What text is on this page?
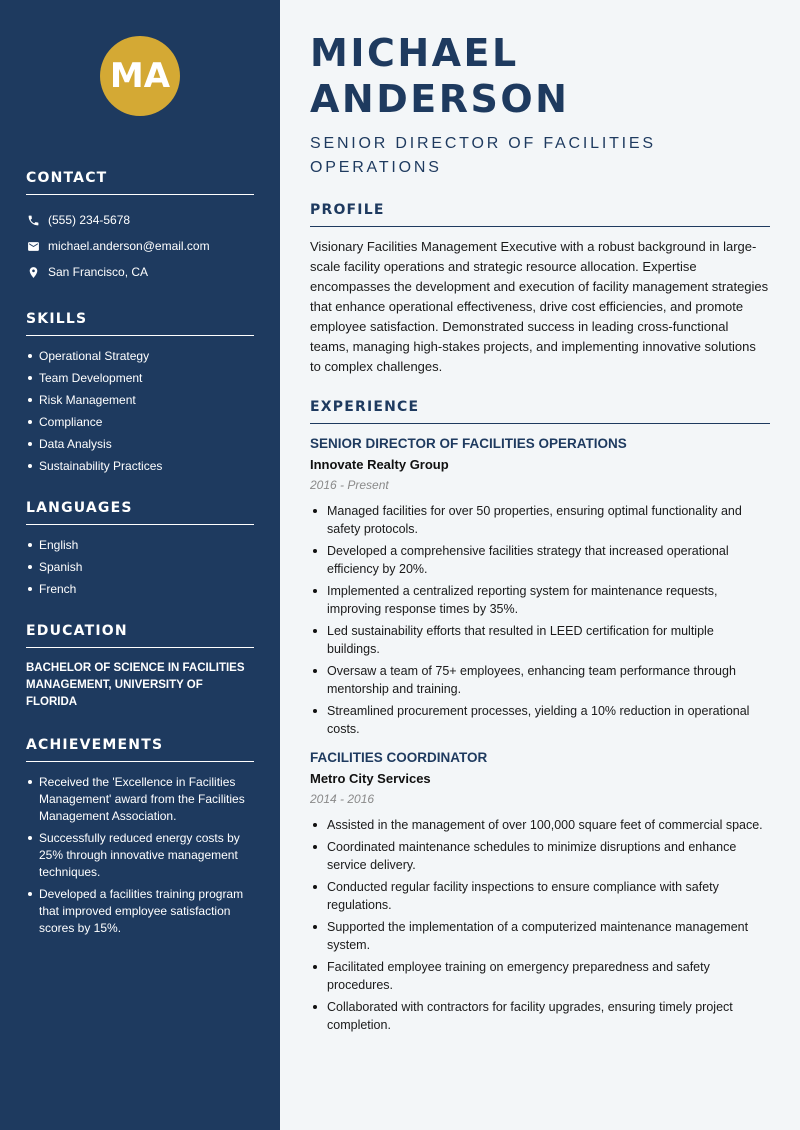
MA
CONTACT
(555) 234-5678
michael.anderson@email.com
San Francisco, CA
SKILLS
Operational Strategy
Team Development
Risk Management
Compliance
Data Analysis
Sustainability Practices
LANGUAGES
English
Spanish
French
EDUCATION
BACHELOR OF SCIENCE IN FACILITIES MANAGEMENT, UNIVERSITY OF FLORIDA
ACHIEVEMENTS
Received the 'Excellence in Facilities Management' award from the Facilities Management Association.
Successfully reduced energy costs by 25% through innovative management techniques.
Developed a facilities training program that improved employee satisfaction scores by 15%.
MICHAEL ANDERSON
SENIOR DIRECTOR OF FACILITIES OPERATIONS
PROFILE

Visionary Facilities Management Executive with a robust background in large-scale facility operations and strategic resource allocation. Expertise encompasses the development and execution of facility management strategies that enhance operational effectiveness, drive cost efficiencies, and promote employee satisfaction. Demonstrated success in leading cross-functional teams, managing high-stakes projects, and implementing innovative solutions to complex challenges.

EXPERIENCE
SENIOR DIRECTOR OF FACILITIES OPERATIONS
Innovate Realty Group
2016 - Present
Managed facilities for over 50 properties, ensuring optimal functionality and safety protocols.
Developed a comprehensive facilities strategy that increased operational efficiency by 20%.
Implemented a centralized reporting system for maintenance requests, improving response times by 35%.
Led sustainability efforts that resulted in LEED certification for multiple buildings.
Oversaw a team of 75+ employees, enhancing team performance through mentorship and training.
Streamlined procurement processes, yielding a 10% reduction in operational costs.
FACILITIES COORDINATOR
Metro City Services
2014 - 2016
Assisted in the management of over 100,000 square feet of commercial space.
Coordinated maintenance schedules to minimize disruptions and enhance service delivery.
Conducted regular facility inspections to ensure compliance with safety regulations.
Supported the implementation of a computerized maintenance management system.
Facilitated employee training on emergency preparedness and safety procedures.
Collaborated with contractors for facility upgrades, ensuring timely project completion.
